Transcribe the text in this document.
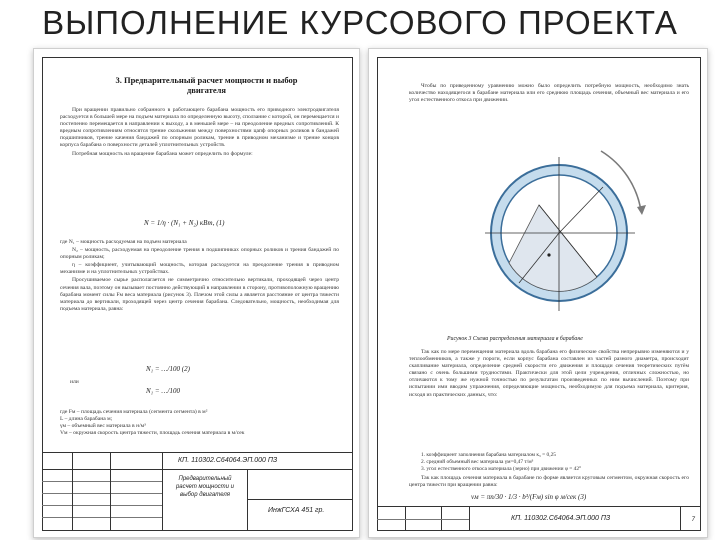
ВЫПОЛНЕНИЕ КУРСОВОГО ПРОЕКТА
3. Предварительный расчет мощности и выбор
двигателя

При вращении правильно собранного в работающего барабана мощность его приводного электродвигателя расходуется в большей мере на подъем материала по определенную высоту, сползание с которой, он перемещается и постепенно перемещается в направлении к выходу, а в меньшей мере – на преодоление вредных сопротивлений. К вредным сопротивлениям относятся трение скольжения между поверхностями цапф опорных роликов в бандажей подшипников, трение качения бандажей по опорным роликам, трение в приводном механизме и трение концов корпуса барабана о поверхности деталей уплотнительных устройств.

Потребная мощность на вращение барабана может определить по формуле:

N = 1/η · (N₁ + N₂) кВт, (1)

где N₁ – мощность расходуемая на подъем материала

N₂ – мощность, расходуемая на преодоление трения в подшипниках опорных роликов и трения бандажей по опорным роликам;

η – коэффициент, учитывающий мощность, которая расходуется на преодоление трения в приводном механизме и на уплотнительных устройствах.

Просушиваемое сырье располагается не симметрично относительно вертикали, проходящей через центр сечения вала, поэтому он вызывает постоянно действующий в направлении в сторону, противоположную вращению барабана момент силы Fм веса материала (рисунок 3). Плечом этой силы а является расстояние от центра тяжести материала до вертикали, проходящей через центр сечения барабана. Следовательно, мощность, необходимая для подъема материала, равна:

N₁ = …/100 (2)
или
N₁ = …/100
где Fм – площадь сечения материала (сегмента сегмента) в м²
L – длина барабана м;
γм – объемный вес материала в н/м³
Vм – окружная скорость центра тяжести, площадь сечения материала в м/сек
КП. 110302.С64064.ЭП.000 ПЗ
Предварительный
расчет мощности и
выбор двигателя
ИнжГСХА 451 гр.

Чтобы по приведенному уравнению можно было определить потребную мощность, необходимо знать количество находящегося в барабане материала или его среднюю площадь сечения, объемный вес материала и его угол естественного откоса при движении.

Рисунок 3 Схема распределения материала в барабане

Так как по мере перемещения материала вдоль барабана его физические свойства непрерывно изменяются и у теплообменников, а также у пороги, если корпус барабана составлен из частей разного диаметра, происходит скапливание материала, определение средней скорости его движения и площади сечения теоретических путём связано с очень большими трудностями. Практически для этой цели учреждения, отличных сложностью, но отличаются к тому же нужной точностью по результатам произведенных по ним вычислений. Поэтому при испытании ими вводим упражнения, определяющие мощность, необходимую для подъема материала, критерия, исходя из практических данных, что:

1. коэффициент заполнения барабана материалом к₃ = 0,25
2. средний объемный вес материала γм=0,47 т/м³
3. угол естественного откоса материала (зерно) при движении φ = 42°

Так как площадь сечения материала в барабане по форме является круговым сегментом, окружная скорость его центра тяжести при вращении равна:

vм = πn/30 · 1/3 · b³/(Fм) sin φ м/сек (3)
КП. 110302.С64064.ЭП.000 ПЗ	7
